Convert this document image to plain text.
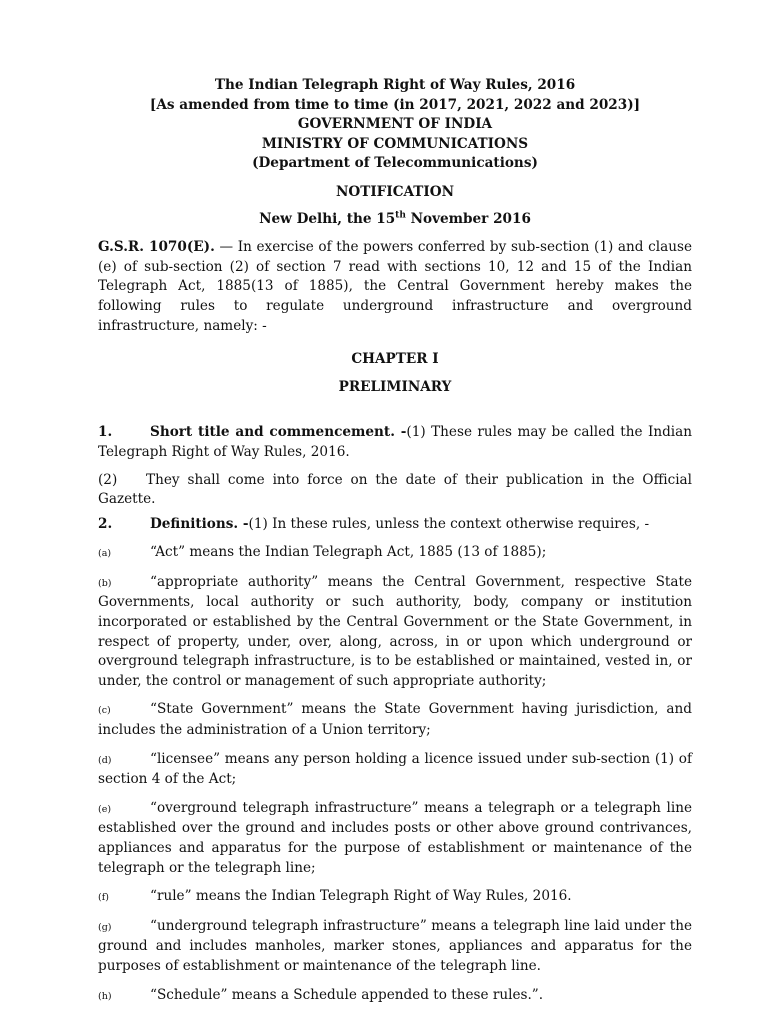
The Indian Telegraph Right of Way Rules, 2016
[As amended from time to time (in 2017, 2021, 2022 and 2023)]
GOVERNMENT OF INDIA
MINISTRY OF COMMUNICATIONS
(Department of Telecommunications)
NOTIFICATION
New Delhi, the 15th November 2016
G.S.R. 1070(E). — In exercise of the powers conferred by sub-section (1) and clause (e) of sub-section (2) of section 7 read with sections 10, 12 and 15 of the Indian Telegraph Act, 1885(13 of 1885), the Central Government hereby makes the following rules to regulate underground infrastructure and overground infrastructure, namely: -
CHAPTER I
PRELIMINARY
1.	Short title and commencement. -(1) These rules may be called the Indian Telegraph Right of Way Rules, 2016.
(2) They shall come into force on the date of their publication in the Official Gazette.
2.	Definitions. -(1) In these rules, unless the context otherwise requires, -
(a)	“Act” means the Indian Telegraph Act, 1885 (13 of 1885);
(b)	“appropriate authority” means the Central Government, respective State Governments, local authority or such authority, body, company or institution incorporated or established by the Central Government or the State Government, in respect of property, under, over, along, across, in or upon which underground or overground telegraph infrastructure, is to be established or maintained, vested in, or under, the control or management of such appropriate authority;
(c)	“State Government” means the State Government having jurisdiction, and includes the administration of a Union territory;
(d)	“licensee” means any person holding a licence issued under sub-section (1) of section 4 of the Act;
(e)	“overground telegraph infrastructure” means a telegraph or a telegraph line established over the ground and includes posts or other above ground contrivances, appliances and apparatus for the purpose of establishment or maintenance of the telegraph or the telegraph line;
(f)	“rule” means the Indian Telegraph Right of Way Rules, 2016.
(g)	“underground telegraph infrastructure” means a telegraph line laid under the ground and includes manholes, marker stones, appliances and apparatus for the purposes of establishment or maintenance of the telegraph line.
(h)	“Schedule” means a Schedule appended to these rules.”.
